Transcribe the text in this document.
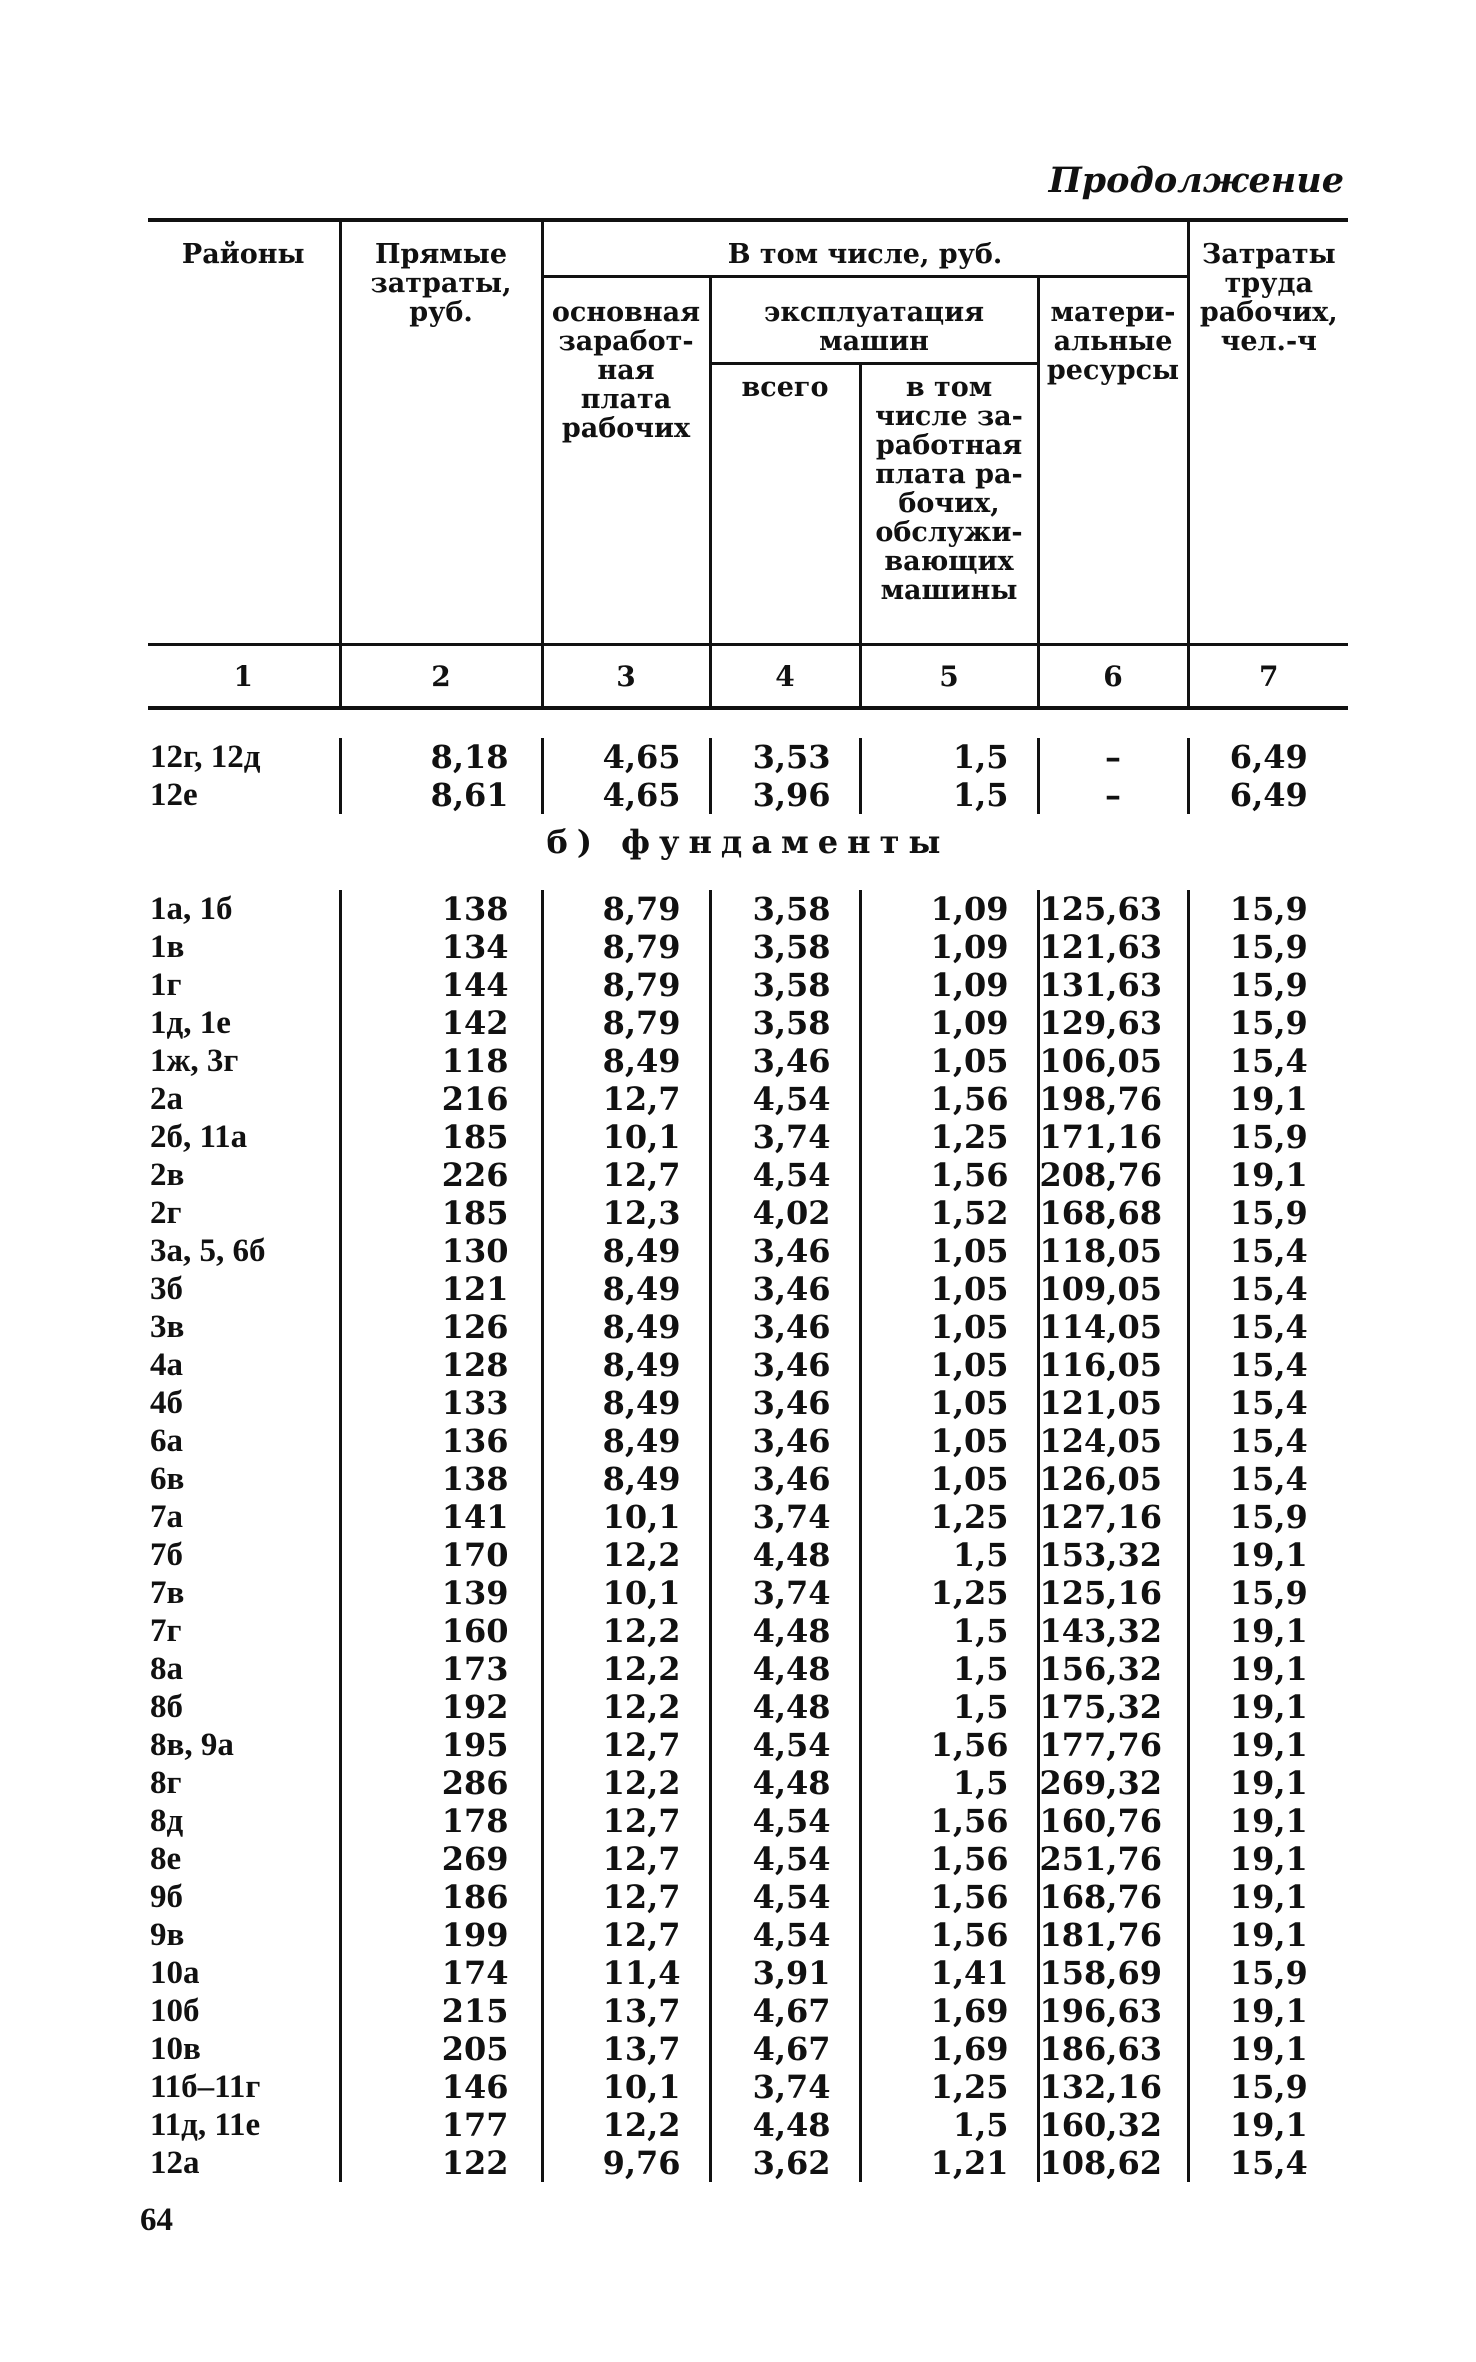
Продолжение
Районы	Прямые затраты, руб.	В том числе, руб.				Затраты труда рабочих, чел.-ч
		основная заработ-ная плата рабочих	эксплуатация машин		матери-альные ресурсы	
			всего	в том числе за-работная плата ра-бочих, обслужи-вающих машины		
1	2	3	4	5	6	7

12г, 12д	8,18	4,65	3,53	1,5	–	6,49
12е	8,61	4,65	3,96	1,5	–	6,49
б) фундаменты						

1а, 1б	138	8,79	3,58	1,09	125,63	15,9
1в	134	8,79	3,58	1,09	121,63	15,9
1г	144	8,79	3,58	1,09	131,63	15,9
1д, 1е	142	8,79	3,58	1,09	129,63	15,9
1ж, 3г	118	8,49	3,46	1,05	106,05	15,4
2а	216	12,7	4,54	1,56	198,76	19,1
2б, 11а	185	10,1	3,74	1,25	171,16	15,9
2в	226	12,7	4,54	1,56	208,76	19,1
2г	185	12,3	4,02	1,52	168,68	15,9
3а, 5, 6б	130	8,49	3,46	1,05	118,05	15,4
3б	121	8,49	3,46	1,05	109,05	15,4
3в	126	8,49	3,46	1,05	114,05	15,4
4а	128	8,49	3,46	1,05	116,05	15,4
4б	133	8,49	3,46	1,05	121,05	15,4
6а	136	8,49	3,46	1,05	124,05	15,4
6в	138	8,49	3,46	1,05	126,05	15,4
7а	141	10,1	3,74	1,25	127,16	15,9
7б	170	12,2	4,48	1,5	153,32	19,1
7в	139	10,1	3,74	1,25	125,16	15,9
7г	160	12,2	4,48	1,5	143,32	19,1
8а	173	12,2	4,48	1,5	156,32	19,1
8б	192	12,2	4,48	1,5	175,32	19,1
8в, 9а	195	12,7	4,54	1,56	177,76	19,1
8г	286	12,2	4,48	1,5	269,32	19,1
8д	178	12,7	4,54	1,56	160,76	19,1
8е	269	12,7	4,54	1,56	251,76	19,1
9б	186	12,7	4,54	1,56	168,76	19,1
9в	199	12,7	4,54	1,56	181,76	19,1
10а	174	11,4	3,91	1,41	158,69	15,9
10б	215	13,7	4,67	1,69	196,63	19,1
10в	205	13,7	4,67	1,69	186,63	19,1
11б–11г	146	10,1	3,74	1,25	132,16	15,9
11д, 11е	177	12,2	4,48	1,5	160,32	19,1
12а	122	9,76	3,62	1,21	108,62	15,4
64
